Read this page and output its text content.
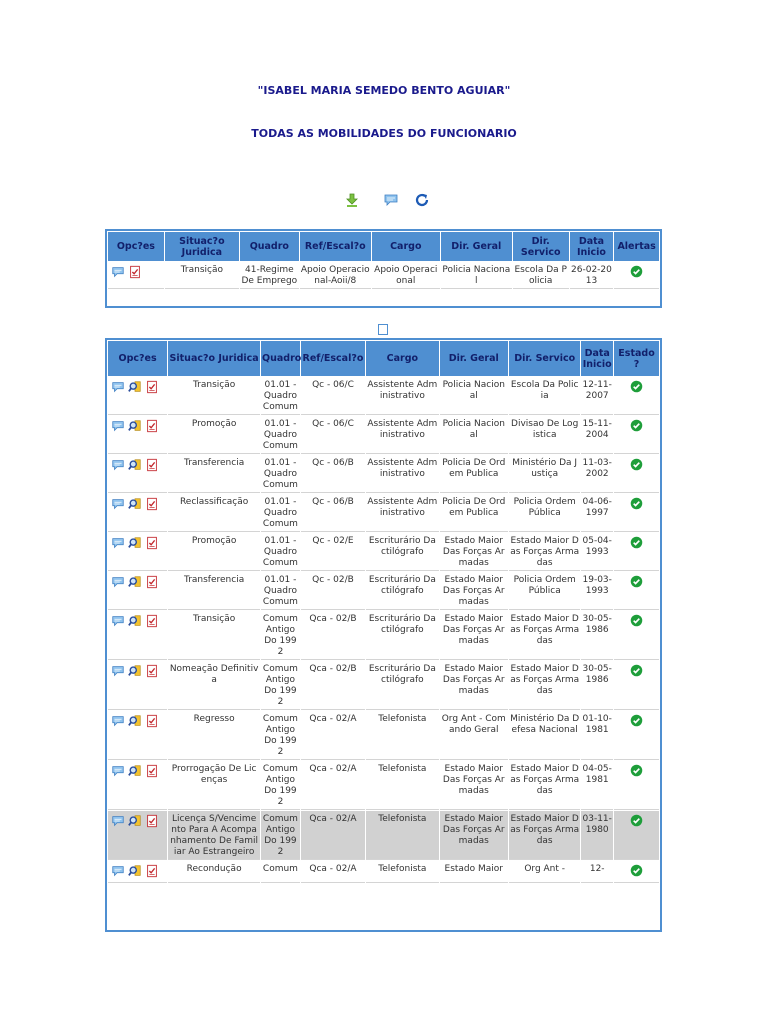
"ISABEL MARIA SEMEDO BENTO AGUIAR"
TODAS AS MOBILIDADES DO FUNCIONARIO
Opc?es	Situac?o Juridica	Quadro	Ref/Escal?o	Cargo	Dir. Geral	Dir. Servico	Data Inicio	Alertas

	Transição	41-Regime De Emprego	Apoio Operacional-Aoii/8	Apoio Operacional	Policia Nacional	Escola Da Policia	26-02-2013	
Opc?es	Situac?o Juridica	Quadro	Ref/Escal?o	Cargo	Dir. Geral	Dir. Servico	Data Inicio	Estado ?

	Transição	01.01 - Quadro Comum	Qc - 06/C	Assistente Administrativo	Policia Nacional	Escola Da Policia	12-11-2007	

	Promoção	01.01 - Quadro Comum	Qc - 06/C	Assistente Administrativo	Policia Nacional	Divisao De Logistica	15-11-2004	

	Transferencia	01.01 - Quadro Comum	Qc - 06/B	Assistente Administrativo	Policia De Ordem Publica	Ministério Da Justiça	11-03-2002	

	Reclassificação	01.01 - Quadro Comum	Qc - 06/B	Assistente Administrativo	Policia De Ordem Publica	Policia Ordem Pública	04-06-1997	

	Promoção	01.01 - Quadro Comum	Qc - 02/E	Escriturário Dactilógrafo	Estado Maior Das Forças Armadas	Estado Maior Das Forças Armadas	05-04-1993	

	Transferencia	01.01 - Quadro Comum	Qc - 02/B	Escriturário Dactilógrafo	Estado Maior Das Forças Armadas	Policia Ordem Pública	19-03-1993	

	Transição	Comum Antigo Do 1992	Qca - 02/B	Escriturário Dactilógrafo	Estado Maior Das Forças Armadas	Estado Maior Das Forças Armadas	30-05-1986	

	Nomeação Definitiva	Comum Antigo Do 1992	Qca - 02/B	Escriturário Dactilógrafo	Estado Maior Das Forças Armadas	Estado Maior Das Forças Armadas	30-05-1986	

	Regresso	Comum Antigo Do 1992	Qca - 02/A	Telefonista	Org Ant - Comando Geral	Ministério Da Defesa Nacional	01-10-1981	

	Prorrogação De Licenças	Comum Antigo Do 1992	Qca - 02/A	Telefonista	Estado Maior Das Forças Armadas	Estado Maior Das Forças Armadas	04-05-1981	

	Licença S/Vencimento Para A Acompanhamento De Familiar Ao Estrangeiro	Comum Antigo Do 1992	Qca - 02/A	Telefonista	Estado Maior Das Forças Armadas	Estado Maior Das Forças Armadas	03-11-1980	

	Recondução	Comum	Qca - 02/A	Telefonista	Estado Maior	Org Ant -	12-	
